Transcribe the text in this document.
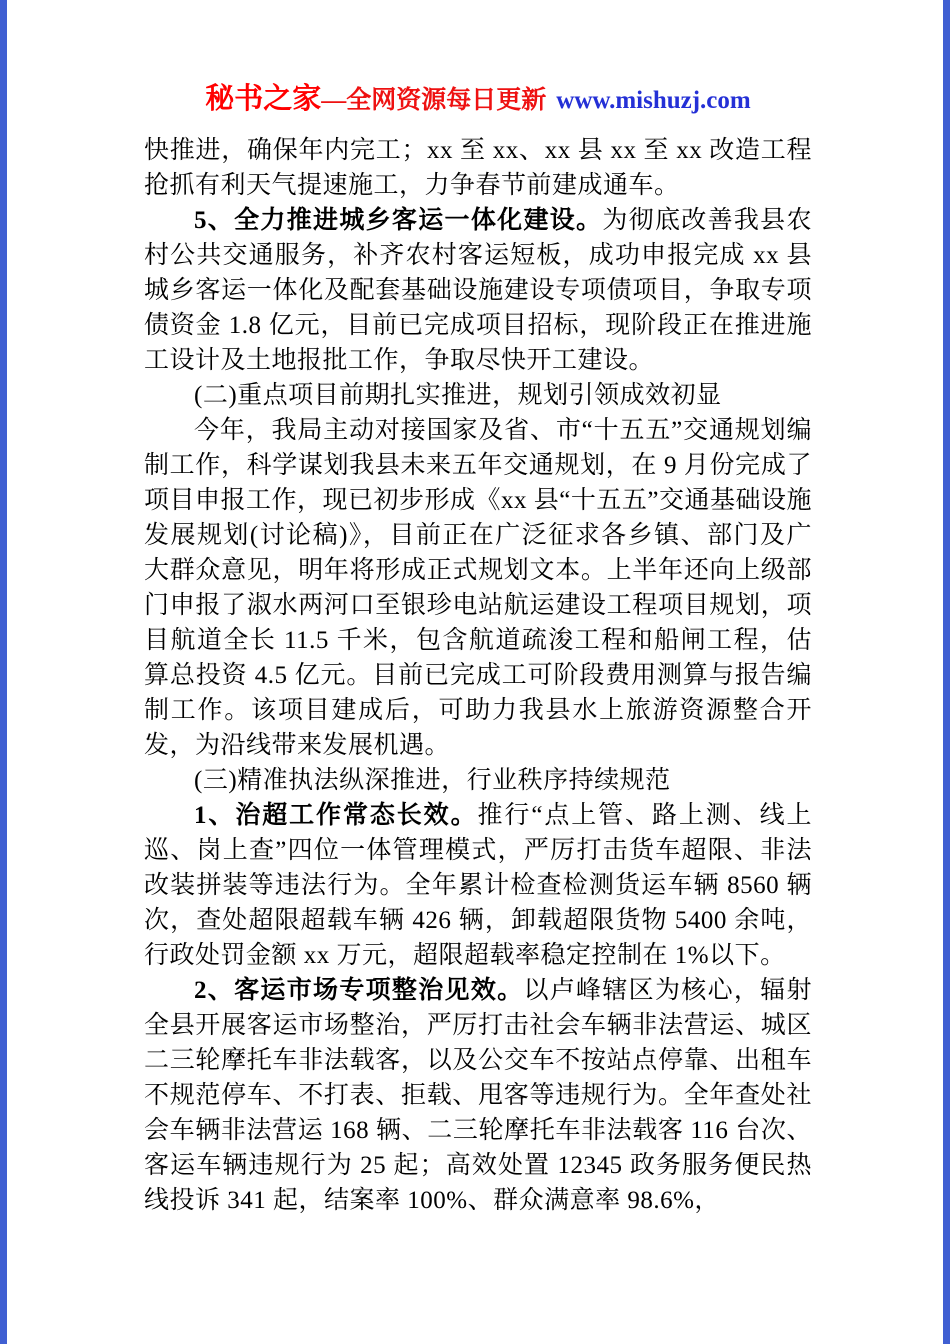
秘书之家—全网资源每日更新 www.mishuzj.com

快推进，确保年内完工；xx 至 xx、xx 县 xx 至 xx 改造工程抢抓有利天气提速施工，力争春节前建成通车。

5、全力推进城乡客运一体化建设。为彻底改善我县农村公共交通服务，补齐农村客运短板，成功申报完成 xx 县城乡客运一体化及配套基础设施建设专项债项目，争取专项债资金 1.8 亿元，目前已完成项目招标，现阶段正在推进施工设计及土地报批工作，争取尽快开工建设。

(二)重点项目前期扎实推进，规划引领成效初显

今年，我局主动对接国家及省、市“十五五”交通规划编制工作，科学谋划我县未来五年交通规划，在 9 月份完成了项目申报工作，现已初步形成《xx 县“十五五”交通基础设施发展规划(讨论稿)》，目前正在广泛征求各乡镇、部门及广大群众意见，明年将形成正式规划文本。上半年还向上级部门申报了淑水两河口至银珍电站航运建设工程项目规划，项目航道全长 11.5 千米，包含航道疏浚工程和船闸工程，估算总投资 4.5 亿元。目前已完成工可阶段费用测算与报告编制工作。该项目建成后，可助力我县水上旅游资源整合开发，为沿线带来发展机遇。

(三)精准执法纵深推进，行业秩序持续规范

1、治超工作常态长效。推行“点上管、路上测、线上巡、岗上查”四位一体管理模式，严厉打击货车超限、非法改装拼装等违法行为。全年累计检查检测货运车辆 8560 辆次，查处超限超载车辆 426 辆，卸载超限货物 5400 余吨，行政处罚金额 xx 万元，超限超载率稳定控制在 1%以下。

2、客运市场专项整治见效。以卢峰辖区为核心，辐射全县开展客运市场整治，严厉打击社会车辆非法营运、城区二三轮摩托车非法载客，以及公交车不按站点停靠、出租车不规范停车、不打表、拒载、甩客等违规行为。全年查处社会车辆非法营运 168 辆、二三轮摩托车非法载客 116 台次、客运车辆违规行为 25 起；高效处置 12345 政务服务便民热线投诉 341 起，结案率 100%、群众满意率 98.6%，
